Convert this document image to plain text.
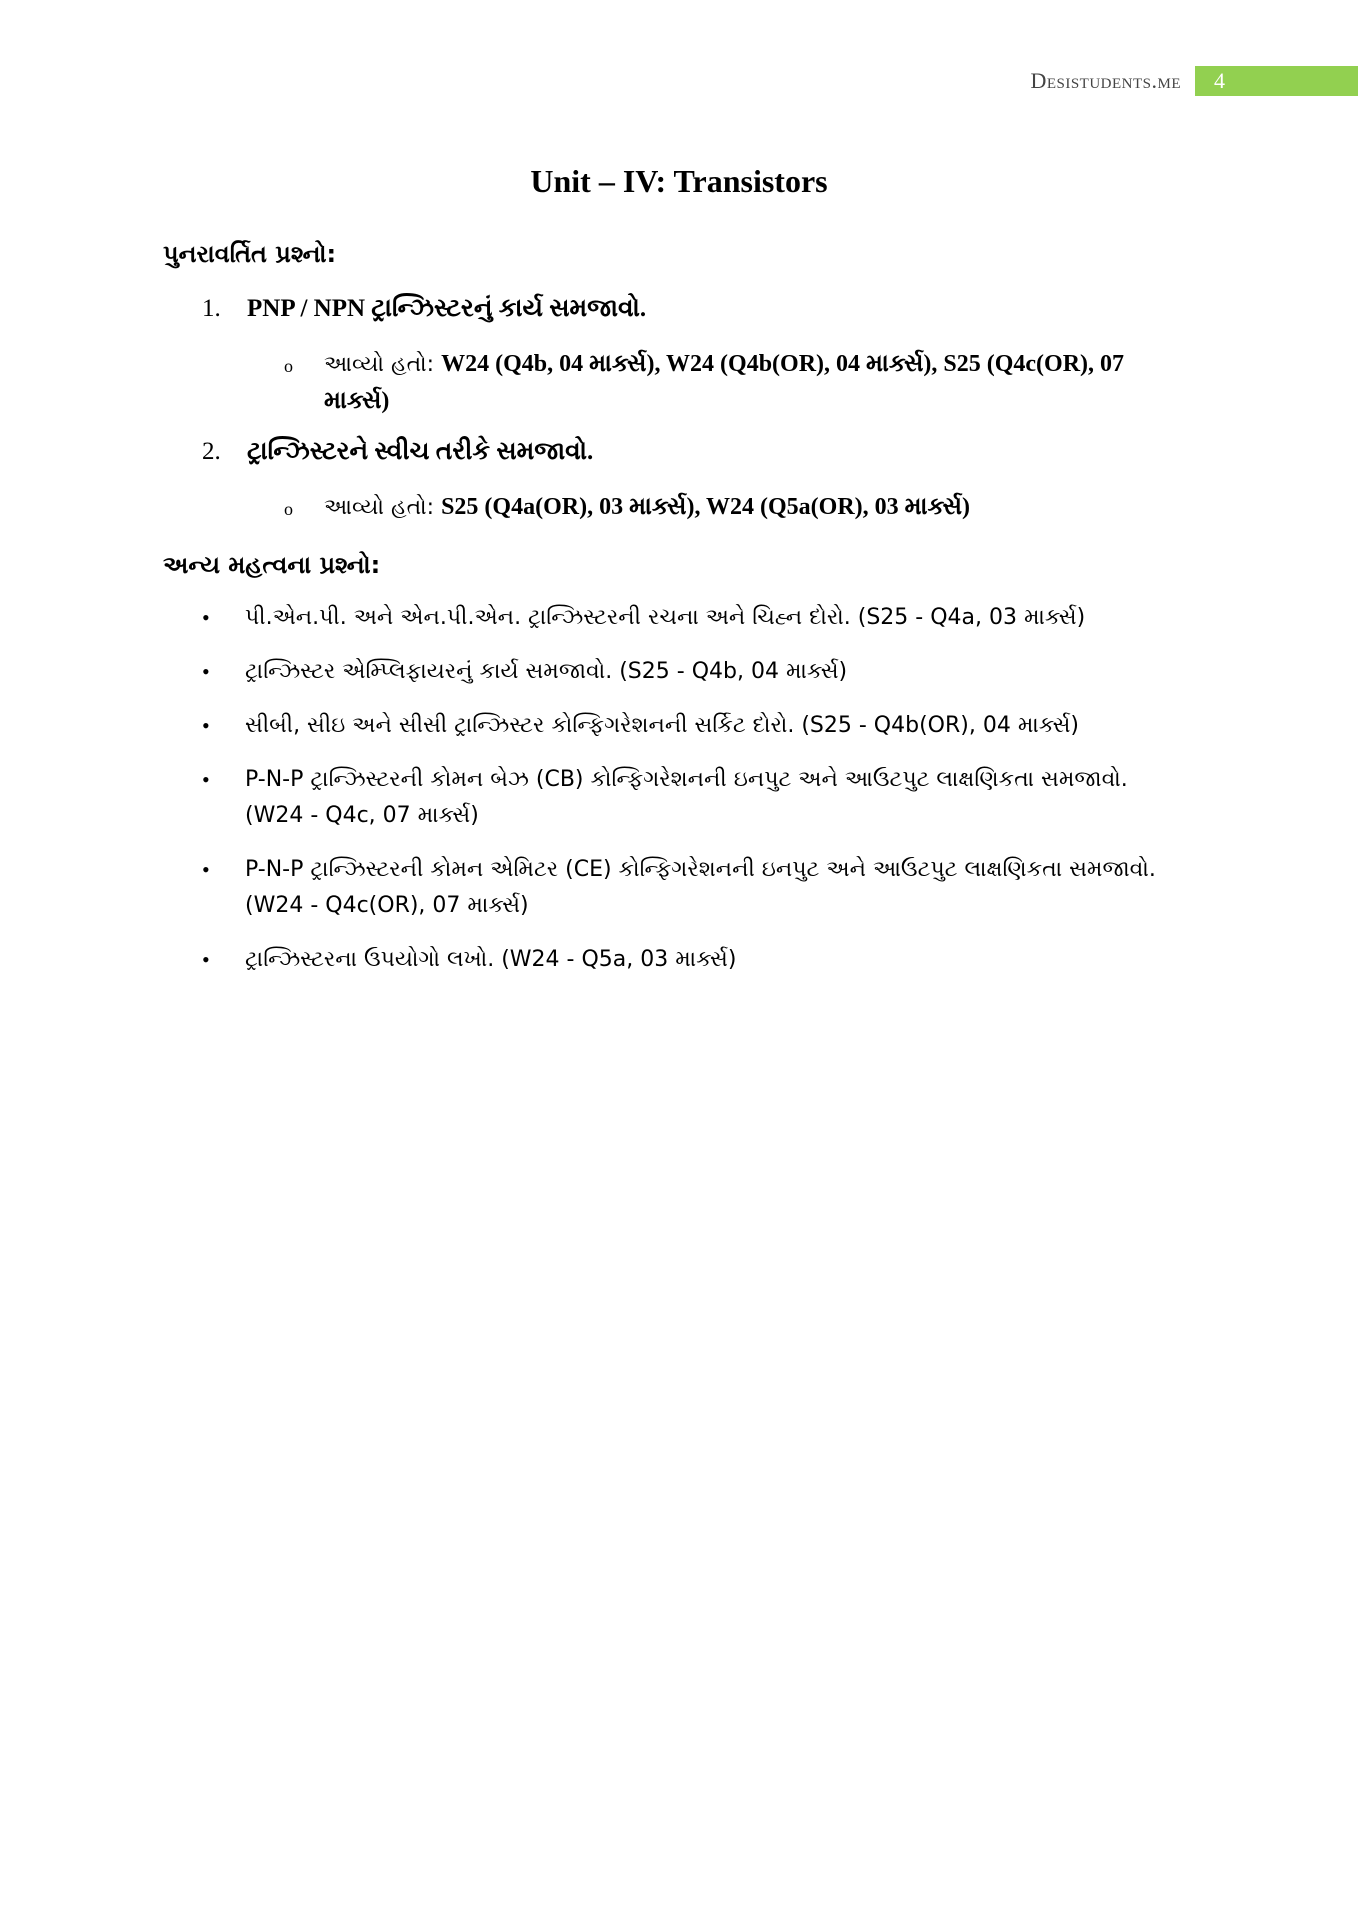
Desistudents.me	4
Unit – IV: Transistors
પુનરાવર્તિત પ્રશ્નો:
1.	PNP / NPN ટ્રાન્ઝિસ્ટરનું કાર્ય સમજાવો.
o	આવ્યો હતો: W24 (Q4b, 04 માર્ક્સ), W24 (Q4b(OR), 04 માર્ક્સ), S25 (Q4c(OR), 07 માર્ક્સ)
2.	ટ્રાન્ઝિસ્ટરને સ્વીચ તરીકે સમજાવો.
o	આવ્યો હતો: S25 (Q4a(OR), 03 માર્ક્સ), W24 (Q5a(OR), 03 માર્ક્સ)
અન્ય મહત્વના પ્રશ્નો:
•	પી.એન.પી. અને એન.પી.એન. ટ્રાન્ઝિસ્ટરની રચના અને ચિહ્ન દોરો. (S25 - Q4a, 03 માર્ક્સ)
•	ટ્રાન્ઝિસ્ટર એમ્પ્લિફાયરનું કાર્ય સમજાવો. (S25 - Q4b, 04 માર્ક્સ)
•	સીબી, સીઇ અને સીસી ટ્રાન્ઝિસ્ટર કોન્ફિગરેશનની સર્કિટ દોરો. (S25 - Q4b(OR), 04 માર્ક્સ)
•	P-N-P ટ્રાન્ઝિસ્ટરની કોમન બેઝ (CB) કોન્ફિગરેશનની ઇનપુટ અને આઉટપુટ લાક્ષણિકતા સમજાવો. (W24 - Q4c, 07 માર્ક્સ)
•	P-N-P ટ્રાન્ઝિસ્ટરની કોમન એમિટર (CE) કોન્ફિગરેશનની ઇનપુટ અને આઉટપુટ લાક્ષણિકતા સમજાવો. (W24 - Q4c(OR), 07 માર્ક્સ)
•	ટ્રાન્ઝિસ્ટરના ઉપયોગો લખો. (W24 - Q5a, 03 માર્ક્સ)
